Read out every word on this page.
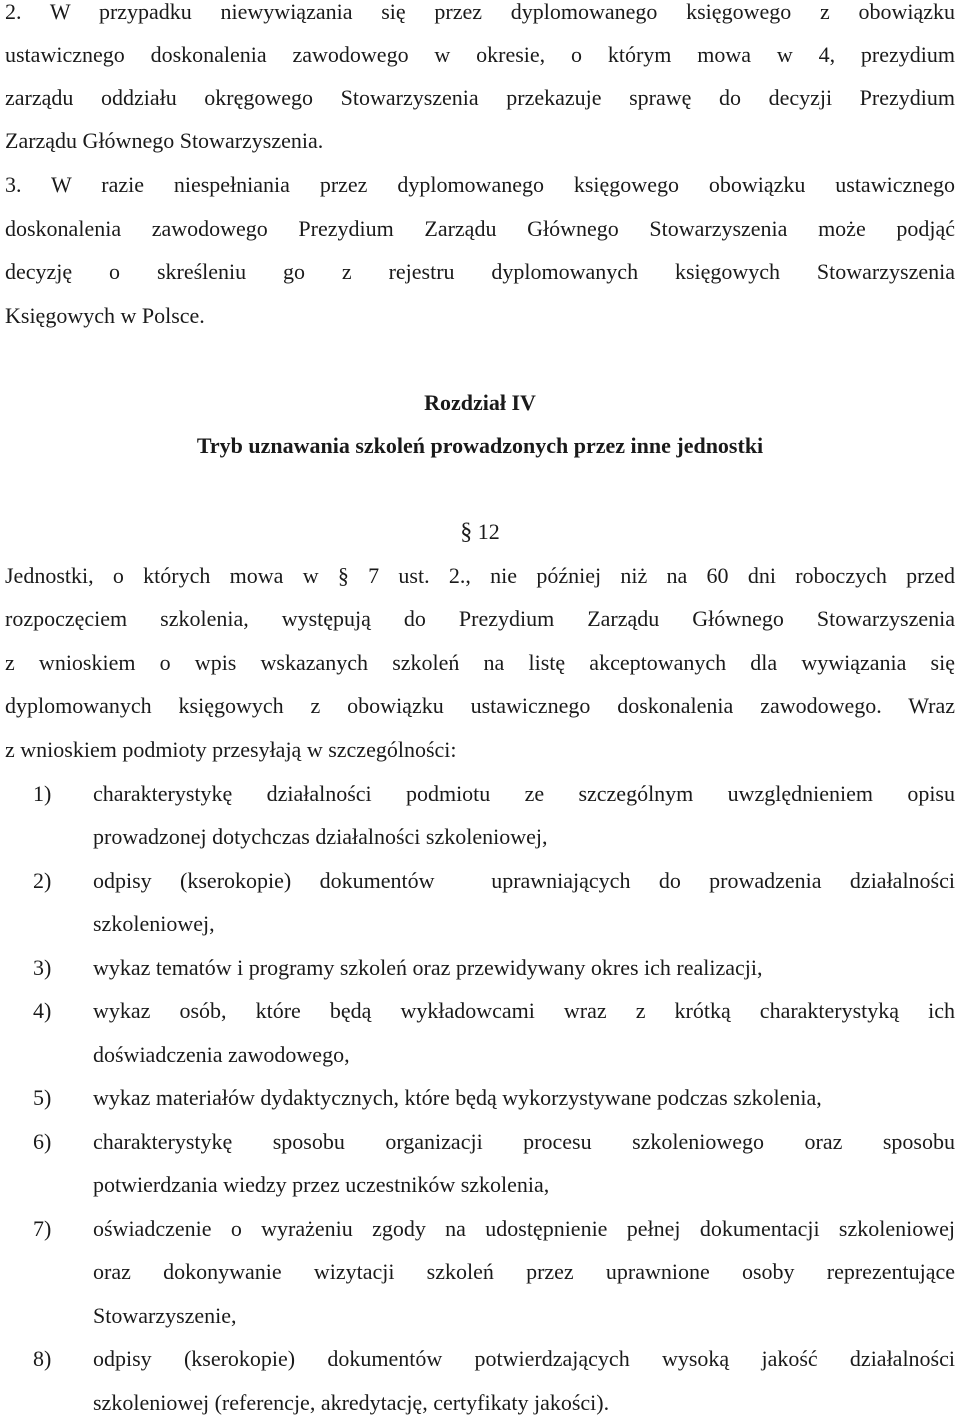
2. W przypadku niewywiązania się przez dyplomowanego księgowego z obowiązku
ustawicznego doskonalenia zawodowego w okresie, o którym mowa w 4, prezydium
zarządu oddziału okręgowego Stowarzyszenia przekazuje sprawę do decyzji Prezydium
Zarządu Głównego Stowarzyszenia.
3. W razie niespełniania przez dyplomowanego księgowego obowiązku ustawicznego
doskonalenia zawodowego Prezydium Zarządu Głównego Stowarzyszenia może podjąć
decyzję o skreśleniu go z rejestru dyplomowanych księgowych Stowarzyszenia
Księgowych w Polsce.
Rozdział IV
Tryb uznawania szkoleń prowadzonych przez inne jednostki
§ 12
Jednostki, o których mowa w § 7 ust. 2., nie później niż na 60 dni roboczych przed
rozpoczęciem szkolenia, występują do Prezydium Zarządu Głównego Stowarzyszenia
z wnioskiem o wpis wskazanych szkoleń na listę akceptowanych dla wywiązania się
dyplomowanych księgowych z obowiązku ustawicznego doskonalenia zawodowego. Wraz
z wnioskiem podmioty przesyłają w szczególności:
1)	charakterystykę działalności podmiotu ze szczególnym uwzględnieniem opisu
prowadzonej dotychczas działalności szkoleniowej,
2)	odpisy (kserokopie) dokumentów  uprawniających do prowadzenia działalności
szkoleniowej,
3)	wykaz tematów i programy szkoleń oraz przewidywany okres ich realizacji,
4)	wykaz osób, które będą wykładowcami wraz z krótką charakterystyką ich
doświadczenia zawodowego,
5)	wykaz materiałów dydaktycznych, które będą wykorzystywane podczas szkolenia,
6)	charakterystykę sposobu organizacji procesu szkoleniowego oraz sposobu
potwierdzania wiedzy przez uczestników szkolenia,
7)	oświadczenie o wyrażeniu zgody na udostępnienie pełnej dokumentacji szkoleniowej
oraz dokonywanie wizytacji szkoleń przez uprawnione osoby reprezentujące
Stowarzyszenie,
8)	odpisy (kserokopie) dokumentów potwierdzających wysoką jakość działalności
szkoleniowej (referencje, akredytację, certyfikaty jakości).
